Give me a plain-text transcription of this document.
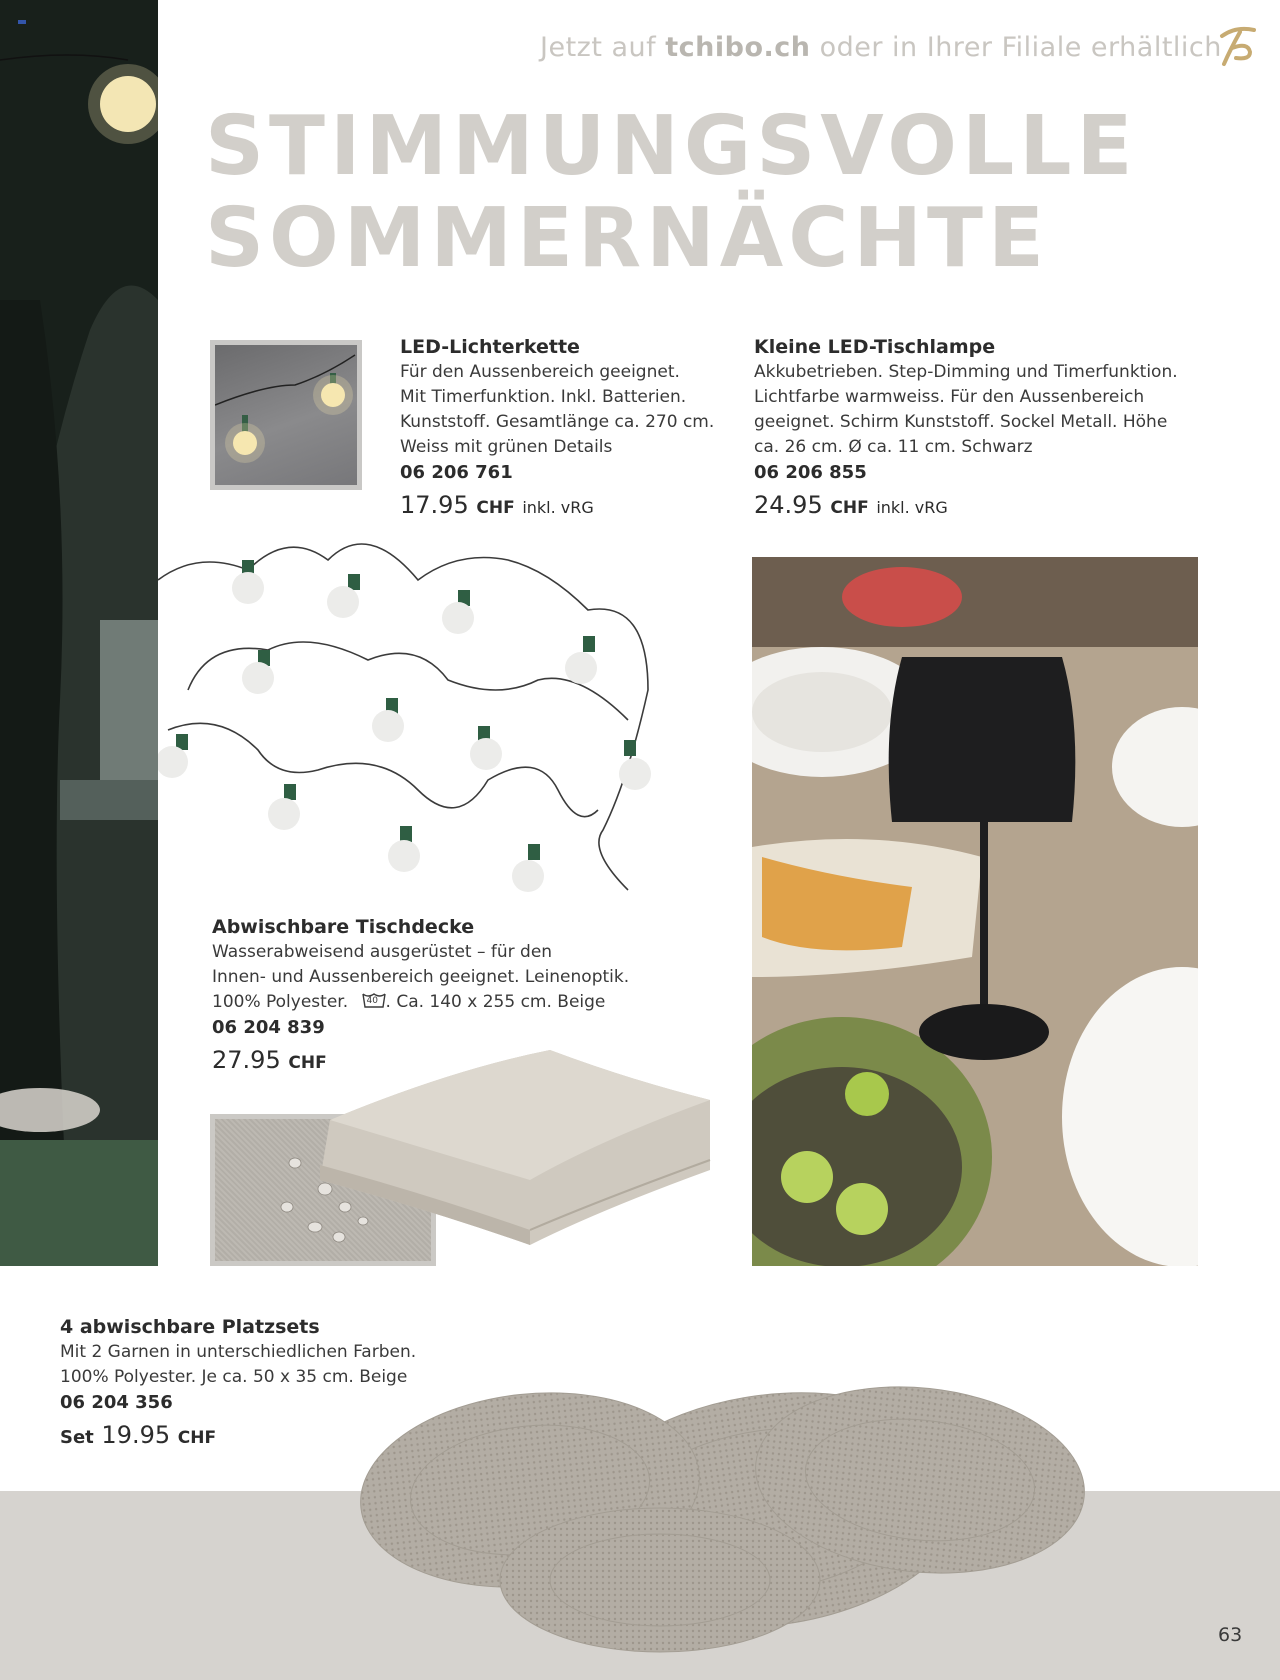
Jetzt auf tchibo.ch oder in Ihrer Filiale erhältlich
STIMMUNGSVOLLE
SOMMERNÄCHTE
LED-Lichterkette
Für den Aussenbereich geeignet.
Mit Timerfunktion. Inkl. Batterien.
Kunststoff. Gesamtlänge ca. 270 cm.
Weiss mit grünen Details
06 206 761
17.95 CHF inkl. vRG
Kleine LED-Tischlampe
Akkubetrieben. Step-Dimming und Timerfunktion.
Lichtfarbe warmweiss. Für den Aussenbereich
geeignet. Schirm Kunststoff. Sockel Metall. Höhe
ca. 26 cm. Ø ca. 11 cm. Schwarz
06 206 855
24.95 CHF inkl. vRG
Abwischbare Tischdecke
Wasserabweisend ausgerüstet – für den
Innen- und Aussenbereich geeignet. Leinenoptik.
100% Polyester. 40 . Ca. 140 x 255 cm. Beige
06 204 839
27.95 CHF
4 abwischbare Platzsets
Mit 2 Garnen in unterschiedlichen Farben.
100% Polyester. Je ca. 50 x 35 cm. Beige
06 204 356
Set 19.95 CHF
63
